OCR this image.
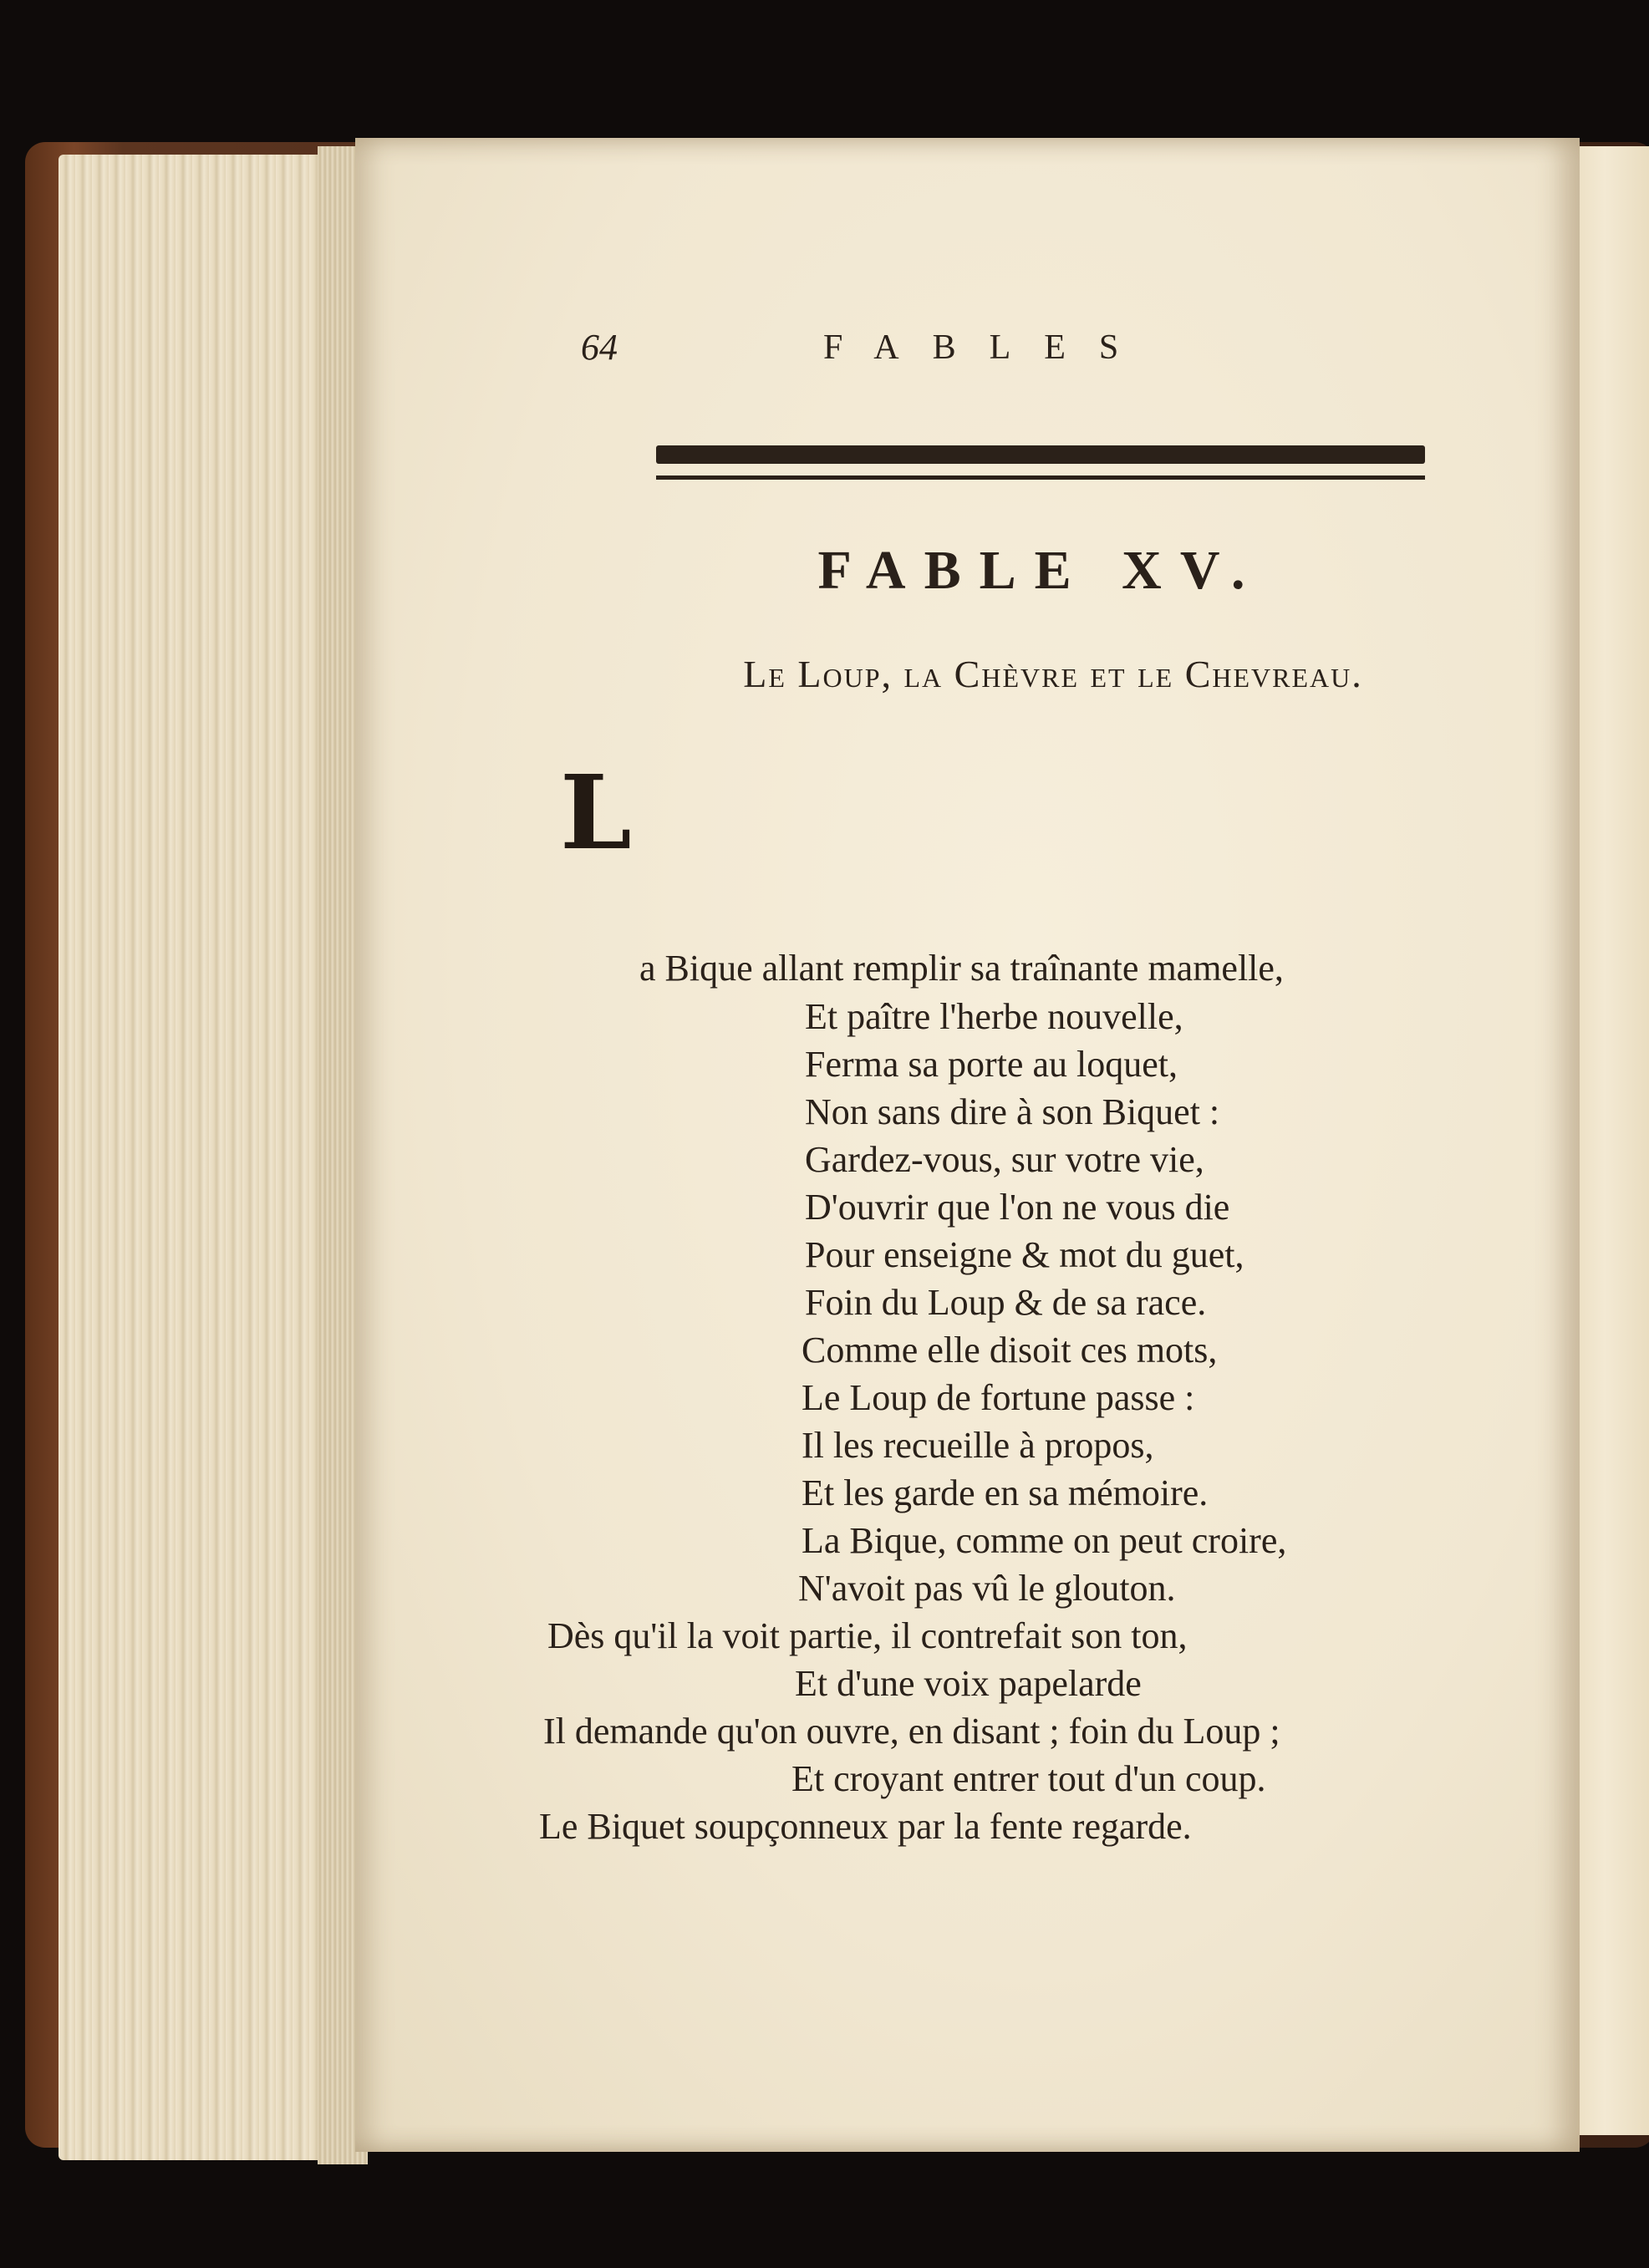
64	FABLES
FABLE XV.
Le Loup, la Chèvre et le Chevreau.
L
a Bique allant remplir sa traînante mamelle,
Et paître l'herbe nouvelle,
Ferma sa porte au loquet,
Non sans dire à son Biquet :
Gardez-vous, sur votre vie,
D'ouvrir que l'on ne vous die
Pour enseigne & mot du guet,
Foin du Loup & de sa race.
Comme elle disoit ces mots,
Le Loup de fortune passe :
Il les recueille à propos,
Et les garde en sa mémoire.
La Bique, comme on peut croire,
N'avoit pas vû le glouton.
Dès qu'il la voit partie, il contrefait son ton,
Et d'une voix papelarde
Il demande qu'on ouvre, en disant ; foin du Loup ;
Et croyant entrer tout d'un coup.
Le Biquet soupçonneux par la fente regarde.
